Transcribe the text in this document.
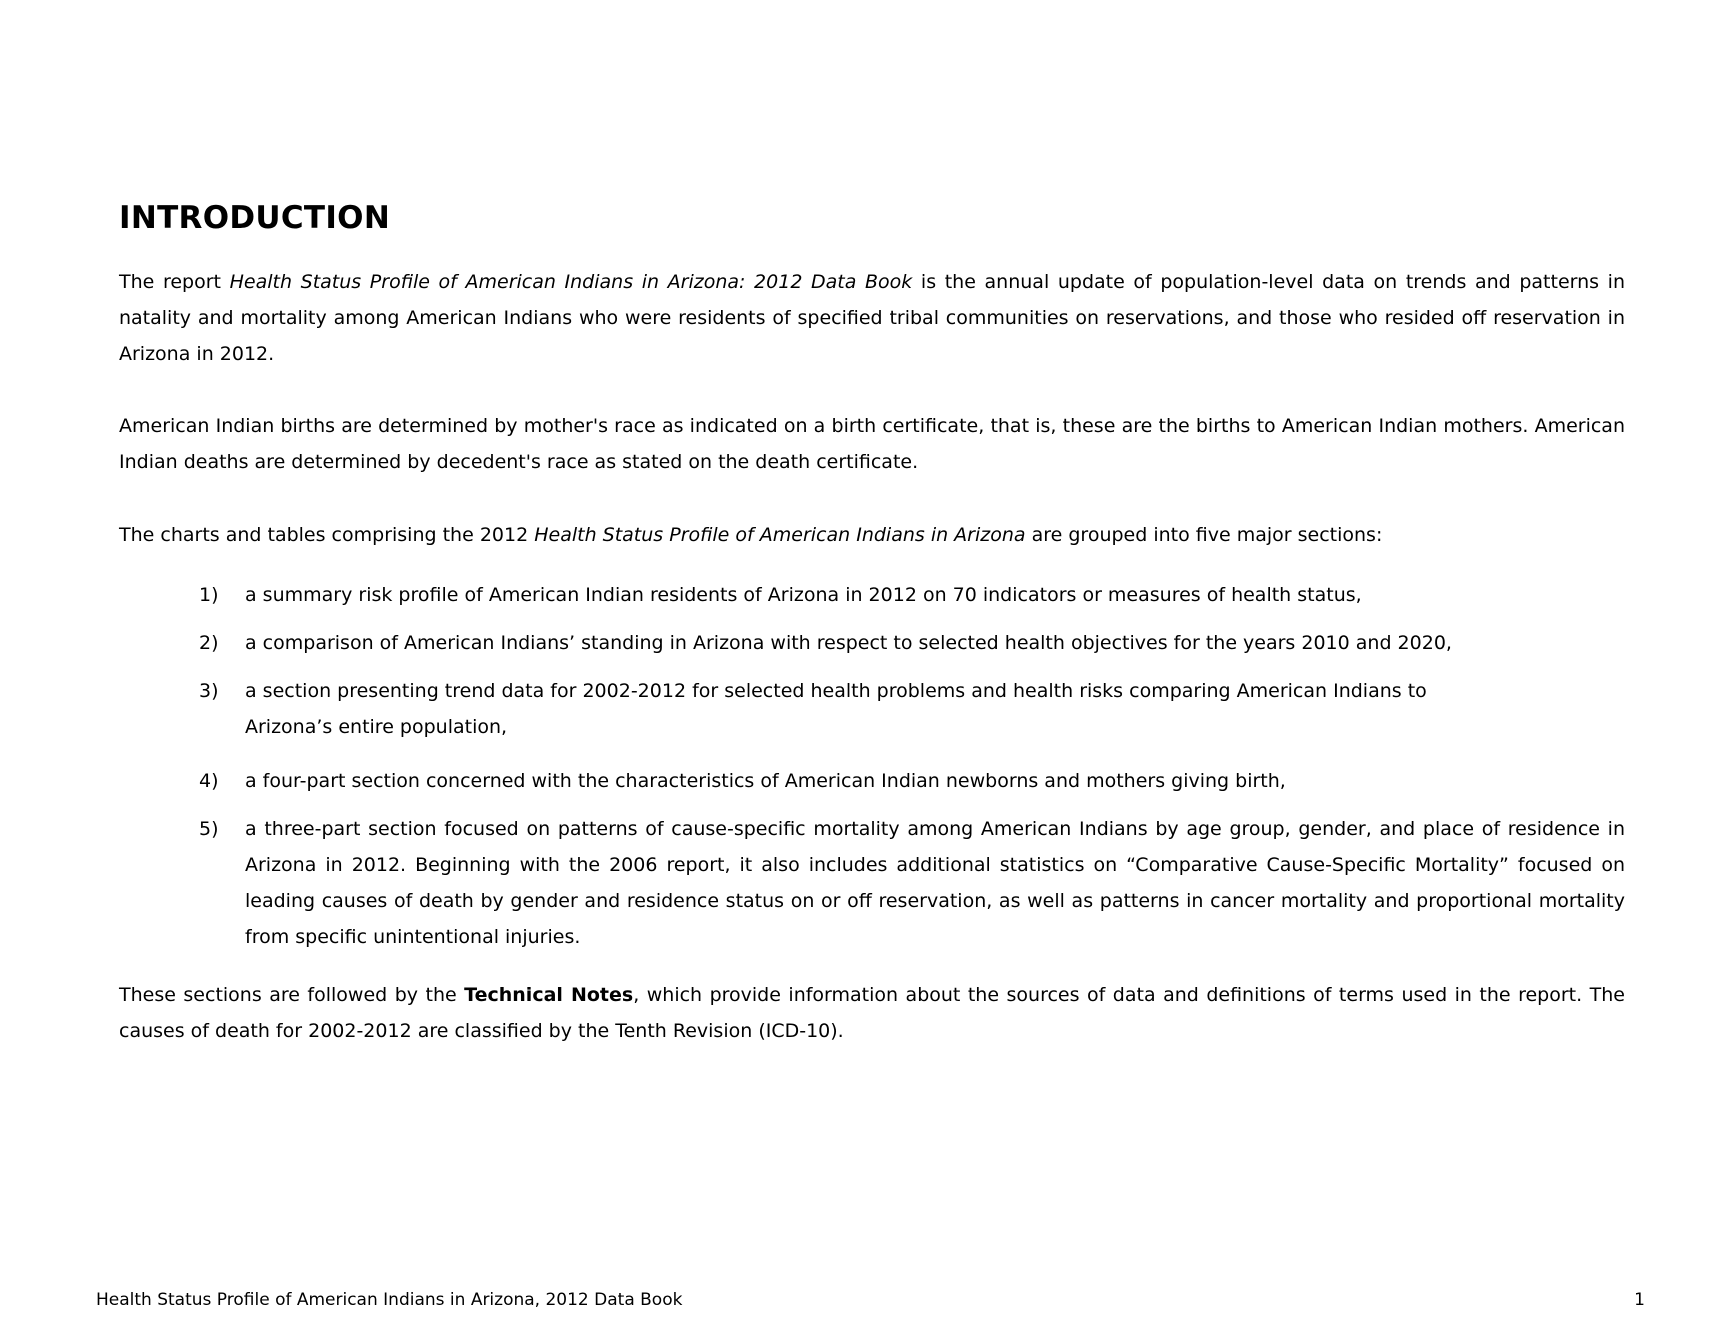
INTRODUCTION

The report Health Status Profile of American Indians in Arizona: 2012 Data Book is the annual update of population-level data on trends and patterns in natality and mortality among American Indians who were residents of specified tribal communities on reservations, and those who resided off reservation in Arizona in 2012.

American Indian births are determined by mother's race as indicated on a birth certificate, that is, these are the births to American Indian mothers. American Indian deaths are determined by decedent's race as stated on the death certificate.

The charts and tables comprising the 2012 Health Status Profile of American Indians in Arizona are grouped into five major sections:

1) a summary risk profile of American Indian residents of Arizona in 2012 on 70 indicators or measures of health status,
2) a comparison of American Indians’ standing in Arizona with respect to selected health objectives for the years 2010 and 2020,
3) a section presenting trend data for 2002-2012 for selected health problems and health risks comparing American Indians to Arizona’s entire population,
4) a four-part section concerned with the characteristics of American Indian newborns and mothers giving birth,
5) a three-part section focused on patterns of cause-specific mortality among American Indians by age group, gender, and place of residence in Arizona in 2012. Beginning with the 2006 report, it also includes additional statistics on “Comparative Cause-Specific Mortality” focused on leading causes of death by gender and residence status on or off reservation, as well as patterns in cancer mortality and proportional mortality from specific unintentional injuries.

These sections are followed by the Technical Notes, which provide information about the sources of data and definitions of terms used in the report. The causes of death for 2002-2012 are classified by the Tenth Revision (ICD-10).

Health Status Profile of American Indians in Arizona, 2012 Data Book	1
